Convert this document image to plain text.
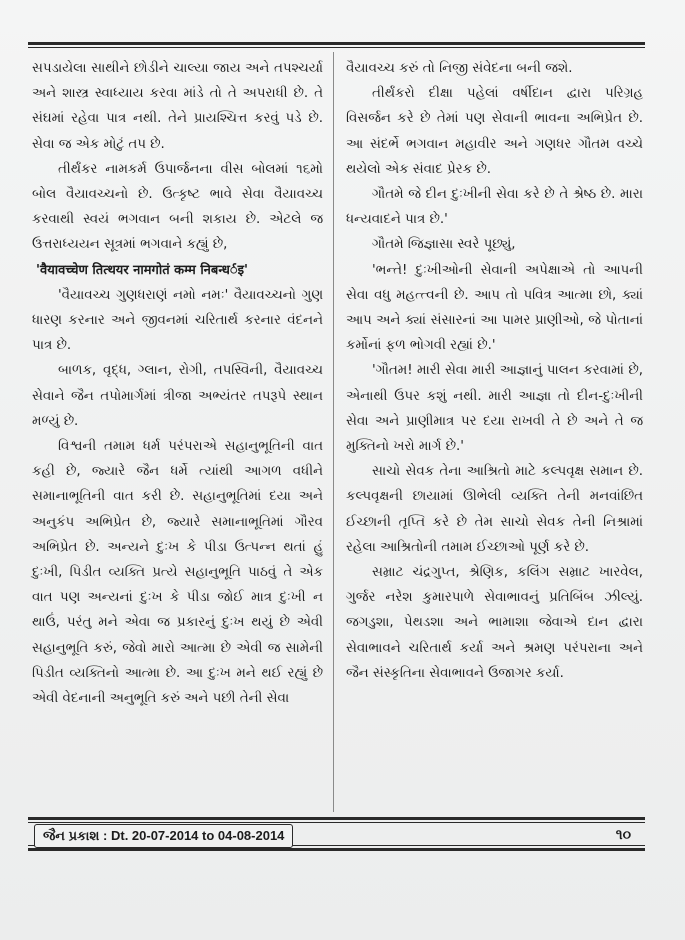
સપડાયેલા સાથીને છોડીને ચાલ્યા જાય અને તપશ્ચર્યા અને શાસ્ત્ર સ્વાધ્યાય કરવા માંડે તો તે અપરાધી છે. તે સંઘમાં રહેવા પાત્ર નથી. તેને પ્રાયશ્ચિત્ત કરવું પડે છે. સેવા જ એક મોટું તપ છે.

તીર્થંકર નામકર્મ ઉપાર્જનના વીસ બોલમાં ૧૬મો બોલ વૈયાવચ્ચનો છે. ઉત્કૃષ્ટ ભાવે સેવા વૈયાવચ્ચ કરવાથી સ્વયં ભગવાન બની શકાય છે. એટલે જ ઉત્તરાધ્યયન સૂત્રમાં ભગવાને કહ્યું છે,

'वैयावच्चेण तित्थयर नामगोतं कम्म निबन्धर्इ'

'વૈયાવચ્ચ ગુણધરાણં નમો નમઃ' વૈયાવચ્ચનો ગુણ ધારણ કરનાર અને જીવનમાં ચરિતાર્થ કરનાર વંદનને પાત્ર છે.

બાળક, વૃદ્ધ, ગ્લાન, રોગી, તપસ્વિની, વૈયાવચ્ચ સેવાને જૈન તપોમાર્ગમાં ત્રીજા અભ્યંતર તપરૂપે સ્થાન મળ્યું છે.

વિશ્વની તમામ ધર્મ પરંપરાએ સહાનુભૂતિની વાત કહી છે, જ્યારે જૈન ધર્મે ત્યાંથી આગળ વધીને સમાનાભૂતિની વાત કરી છે. સહાનુભૂતિમાં દયા અને અનુકંપ અભિપ્રેત છે, જ્યારે સમાનાભૂતિમાં ગૌરવ અભિપ્રેત છે. અન્યને દુઃખ કે પીડા ઉત્પન્ન થતાં હું દુઃખી, પિડીત વ્યક્તિ પ્રત્યે સહાનુભૂતિ પાઠવું તે એક વાત પણ અન્યનાં દુઃખ કે પીડા જોઈ માત્ર દુઃખી ન થાઉં, પરંતુ મને એવા જ પ્રકારનું દુઃખ થયું છે એવી સહાનુભૂતિ કરું, જેવો મારો આત્મા છે એવી જ સામેની પિડીત વ્યક્તિનો આત્મા છે. આ દુઃખ મને થઈ રહ્યું છે એવી વેદનાની અનુભૂતિ કરું અને પછી તેની સેવા

વૈયાવચ્ચ કરું તો નિજી સંવેદના બની જશે.

તીર્થંકરો દીક્ષા પહેલાં વર્ષીદાન દ્વારા પરિગ્રહ વિસર્જન કરે છે તેમાં પણ સેવાની ભાવના અભિપ્રેત છે. આ સંદર્ભે ભગવાન મહાવીર અને ગણધર ગૌતમ વચ્ચે થયેલો એક સંવાદ પ્રેરક છે.

ગૌતમે જે દીન દુઃખીની સેવા કરે છે તે શ્રેષ્ઠ છે. મારા ધન્યવાદને પાત્ર છે.'

ગૌતમે જિજ્ઞાસા સ્વરે પૂછ્યું,

'ભન્તે! દુઃખીઓની સેવાની અપેક્ષાએ તો આપની સેવા વધુ મહત્ત્વની છે. આપ તો પવિત્ર આત્મા છો, ક્યાં આપ અને ક્યાં સંસારનાં આ પામર પ્રાણીઓ, જે પોતાનાં કર્મોનાં ફળ ભોગવી રહ્યાં છે.'

'ગૌતમ! મારી સેવા મારી આજ્ઞાનું પાલન કરવામાં છે, એનાથી ઉપર કશું નથી. મારી આજ્ઞા તો દીન-દુઃખીની સેવા અને પ્રાણીમાત્ર પર દયા રાખવી તે છે અને તે જ મુક્તિનો ખરો માર્ગ છે.'

સાચો સેવક તેના આશ્રિતો માટે કલ્પવૃક્ષ સમાન છે. કલ્પવૃક્ષની છાયામાં ઊભેલી વ્યક્તિ તેની મનવાંછિત ઈચ્છાની તૃપ્તિ કરે છે તેમ સાચો સેવક તેની નિશ્રામાં રહેલા આશ્રિતોની તમામ ઈચ્છાઓ પૂર્ણ કરે છે.

સમ્રાટ ચંદ્રગુપ્ત, શ્રેણિક, કલિંગ સમ્રાટ ખારવેલ, ગુર્જર નરેશ કુમારપાળે સેવાભાવનું પ્રતિબિંબ ઝીલ્યું. જગડુશા, પેથડશા અને ભામાશા જેવાએ દાન દ્વારા સેવાભાવને ચરિતાર્થ કર્યા અને શ્રમણ પરંપરાના અને જૈન સંસ્કૃતિના સેવાભાવને ઉજાગર કર્યા.

જૈન પ્રકાશ : Dt. 20-07-2014 to 04-08-2014	૧૦
